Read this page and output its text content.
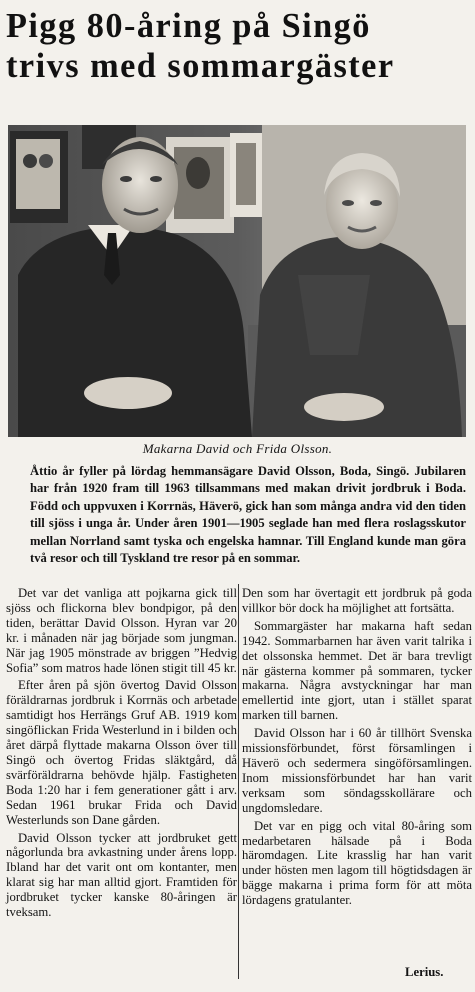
Pigg 80-åring på Singö
trivs med sommargäster
Makarna David och Frida Olsson.

Åttio år fyller på lördag hemmansägare David Olsson, Boda, Singö. Jubilaren har från 1920 fram till 1963 tillsammans med makan drivit jordbruk i Boda. Född och uppvuxen i Korrnäs, Häverö, gick han som många andra vid den tiden till sjöss i unga år. Under åren 1901—1905 seglade han med flera roslagsskutor mellan Norrland samt tyska och engelska hamnar. Till England kunde man göra två resor och till Tyskland tre resor på en sommar.

Det var det vanliga att pojkarna gick till sjöss och flickorna blev bondpigor, på den tiden, berättar David Olsson. Hyran var 20 kr. i månaden när jag började som jungman. När jag 1905 mönstrade av briggen ”Hedvig Sofia” som matros hade lönen stigit till 45 kr.

Efter åren på sjön övertog David Olsson föräldrarnas jordbruk i Korrnäs och arbetade samtidigt hos Herrängs Gruf AB. 1919 kom singöflickan Frida Westerlund in i bilden och året därpå flyttade makarna Olsson över till Singö och övertog Fridas släktgård, då svärföräldrarna behövde hjälp. Fastigheten Boda 1:20 har i fem generationer gått i arv. Sedan 1961 brukar Frida och David Westerlunds son Dane gården.

David Olsson tycker att jordbruket gett någorlunda bra avkastning under årens lopp. Ibland har det varit ont om kontanter, men klarat sig har man alltid gjort. Framtiden för jordbruket tycker kanske 80-åringen är tveksam.

Den som har övertagit ett jordbruk på goda villkor bör dock ha möjlighet att fortsätta.

Sommargäster har makarna haft sedan 1942. Sommarbarnen har även varit talrika i det olssonska hemmet. Det är bara trevligt när gästerna kommer på sommaren, tycker makarna. Några avstyckningar har man emellertid inte gjort, utan i stället sparat marken till barnen.

David Olsson har i 60 år tillhört Svenska missionsförbundet, först församlingen i Häverö och sedermera singöförsamlingen. Inom missionsförbundet har han varit verksam som söndagsskollärare och ungdomsledare.

Det var en pigg och vital 80-åring som medarbetaren hälsade på i Boda häromdagen. Lite krasslig har han varit under hösten men lagom till högtidsdagen är bägge makarna i prima form för att möta lördagens gratulanter.

Lerius.
